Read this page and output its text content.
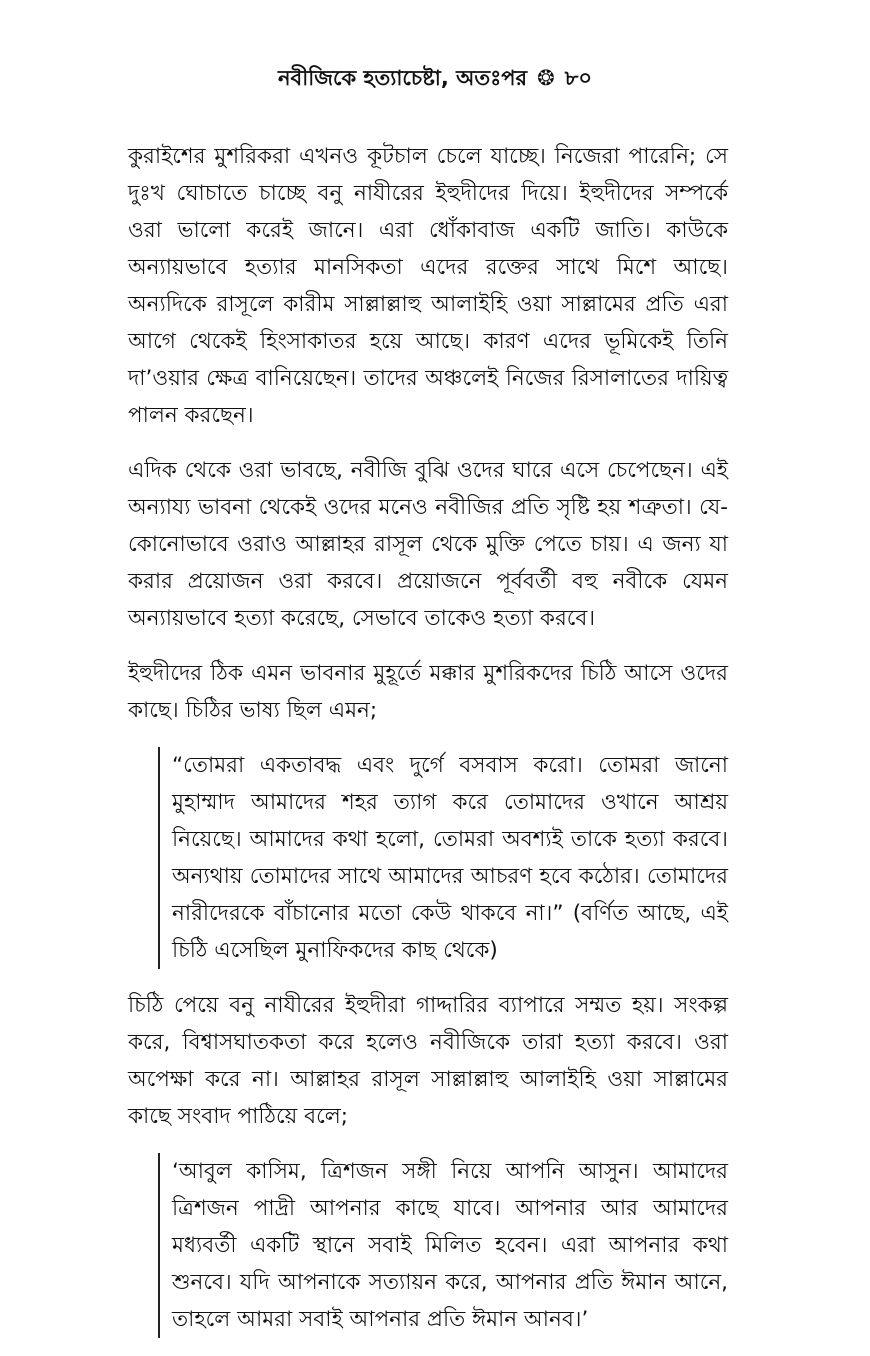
নবীজিকে হত্যাচেষ্টা, অতঃপর ❂ ৮০

কুরাইশের মুশরিকরা এখনও কূটচাল চেলে যাচ্ছে। নিজেরা পারেনি; সে দুঃখ ঘোচাতে চাচ্ছে বনু নাযীরের ইহুদীদের দিয়ে। ইহুদীদের সম্পর্কে ওরা ভালো করেই জানে। এরা ধোঁকাবাজ একটি জাতি। কাউকে অন্যায়ভাবে হত্যার মানসিকতা এদের রক্তের সাথে মিশে আছে। অন্যদিকে রাসূলে কারীম সাল্লাল্লাহু আলাইহি ওয়া সাল্লামের প্রতি এরা আগে থেকেই হিংসাকাতর হয়ে আছে। কারণ এদের ভূমিকেই তিনি দা’ওয়ার ক্ষেত্র বানিয়েছেন। তাদের অঞ্চলেই নিজের রিসালাতের দায়িত্ব পালন করছেন।

এদিক থেকে ওরা ভাবছে, নবীজি বুঝি ওদের ঘারে এসে চেপেছেন। এই অন্যায্য ভাবনা থেকেই ওদের মনেও নবীজির প্রতি সৃষ্টি হয় শত্রুতা। যে-কোনোভাবে ওরাও আল্লাহর রাসূল থেকে মুক্তি পেতে চায়। এ জন্য যা করার প্রয়োজন ওরা করবে। প্রয়োজনে পূর্ববর্তী বহু নবীকে যেমন অন্যায়ভাবে হত্যা করেছে, সেভাবে তাকেও হত্যা করবে।

ইহুদীদের ঠিক এমন ভাবনার মুহূর্তে মক্কার মুশরিকদের চিঠি আসে ওদের কাছে। চিঠির ভাষ্য ছিল এমন;

“তোমরা একতাবদ্ধ এবং দুর্গে বসবাস করো। তোমরা জানো মুহাম্মাদ আমাদের শহর ত্যাগ করে তোমাদের ওখানে আশ্রয় নিয়েছে। আমাদের কথা হলো, তোমরা অবশ্যই তাকে হত্যা করবে। অন্যথায় তোমাদের সাথে আমাদের আচরণ হবে কঠোর। তোমাদের নারীদেরকে বাঁচানোর মতো কেউ থাকবে না।” (বর্ণিত আছে, এই চিঠি এসেছিল মুনাফিকদের কাছ থেকে)

চিঠি পেয়ে বনু নাযীরের ইহুদীরা গাদ্দারির ব্যাপারে সম্মত হয়। সংকল্প করে, বিশ্বাসঘাতকতা করে হলেও নবীজিকে তারা হত্যা করবে। ওরা অপেক্ষা করে না। আল্লাহর রাসূল সাল্লাল্লাহু আলাইহি ওয়া সাল্লামের কাছে সংবাদ পাঠিয়ে বলে;

‘আবুল কাসিম, ত্রিশজন সঙ্গী নিয়ে আপনি আসুন। আমাদের ত্রিশজন পাদ্রী আপনার কাছে যাবে। আপনার আর আমাদের মধ্যবর্তী একটি স্থানে সবাই মিলিত হবেন। এরা আপনার কথা শুনবে। যদি আপনাকে সত্যায়ন করে, আপনার প্রতি ঈমান আনে, তাহলে আমরা সবাই আপনার প্রতি ঈমান আনব।’
